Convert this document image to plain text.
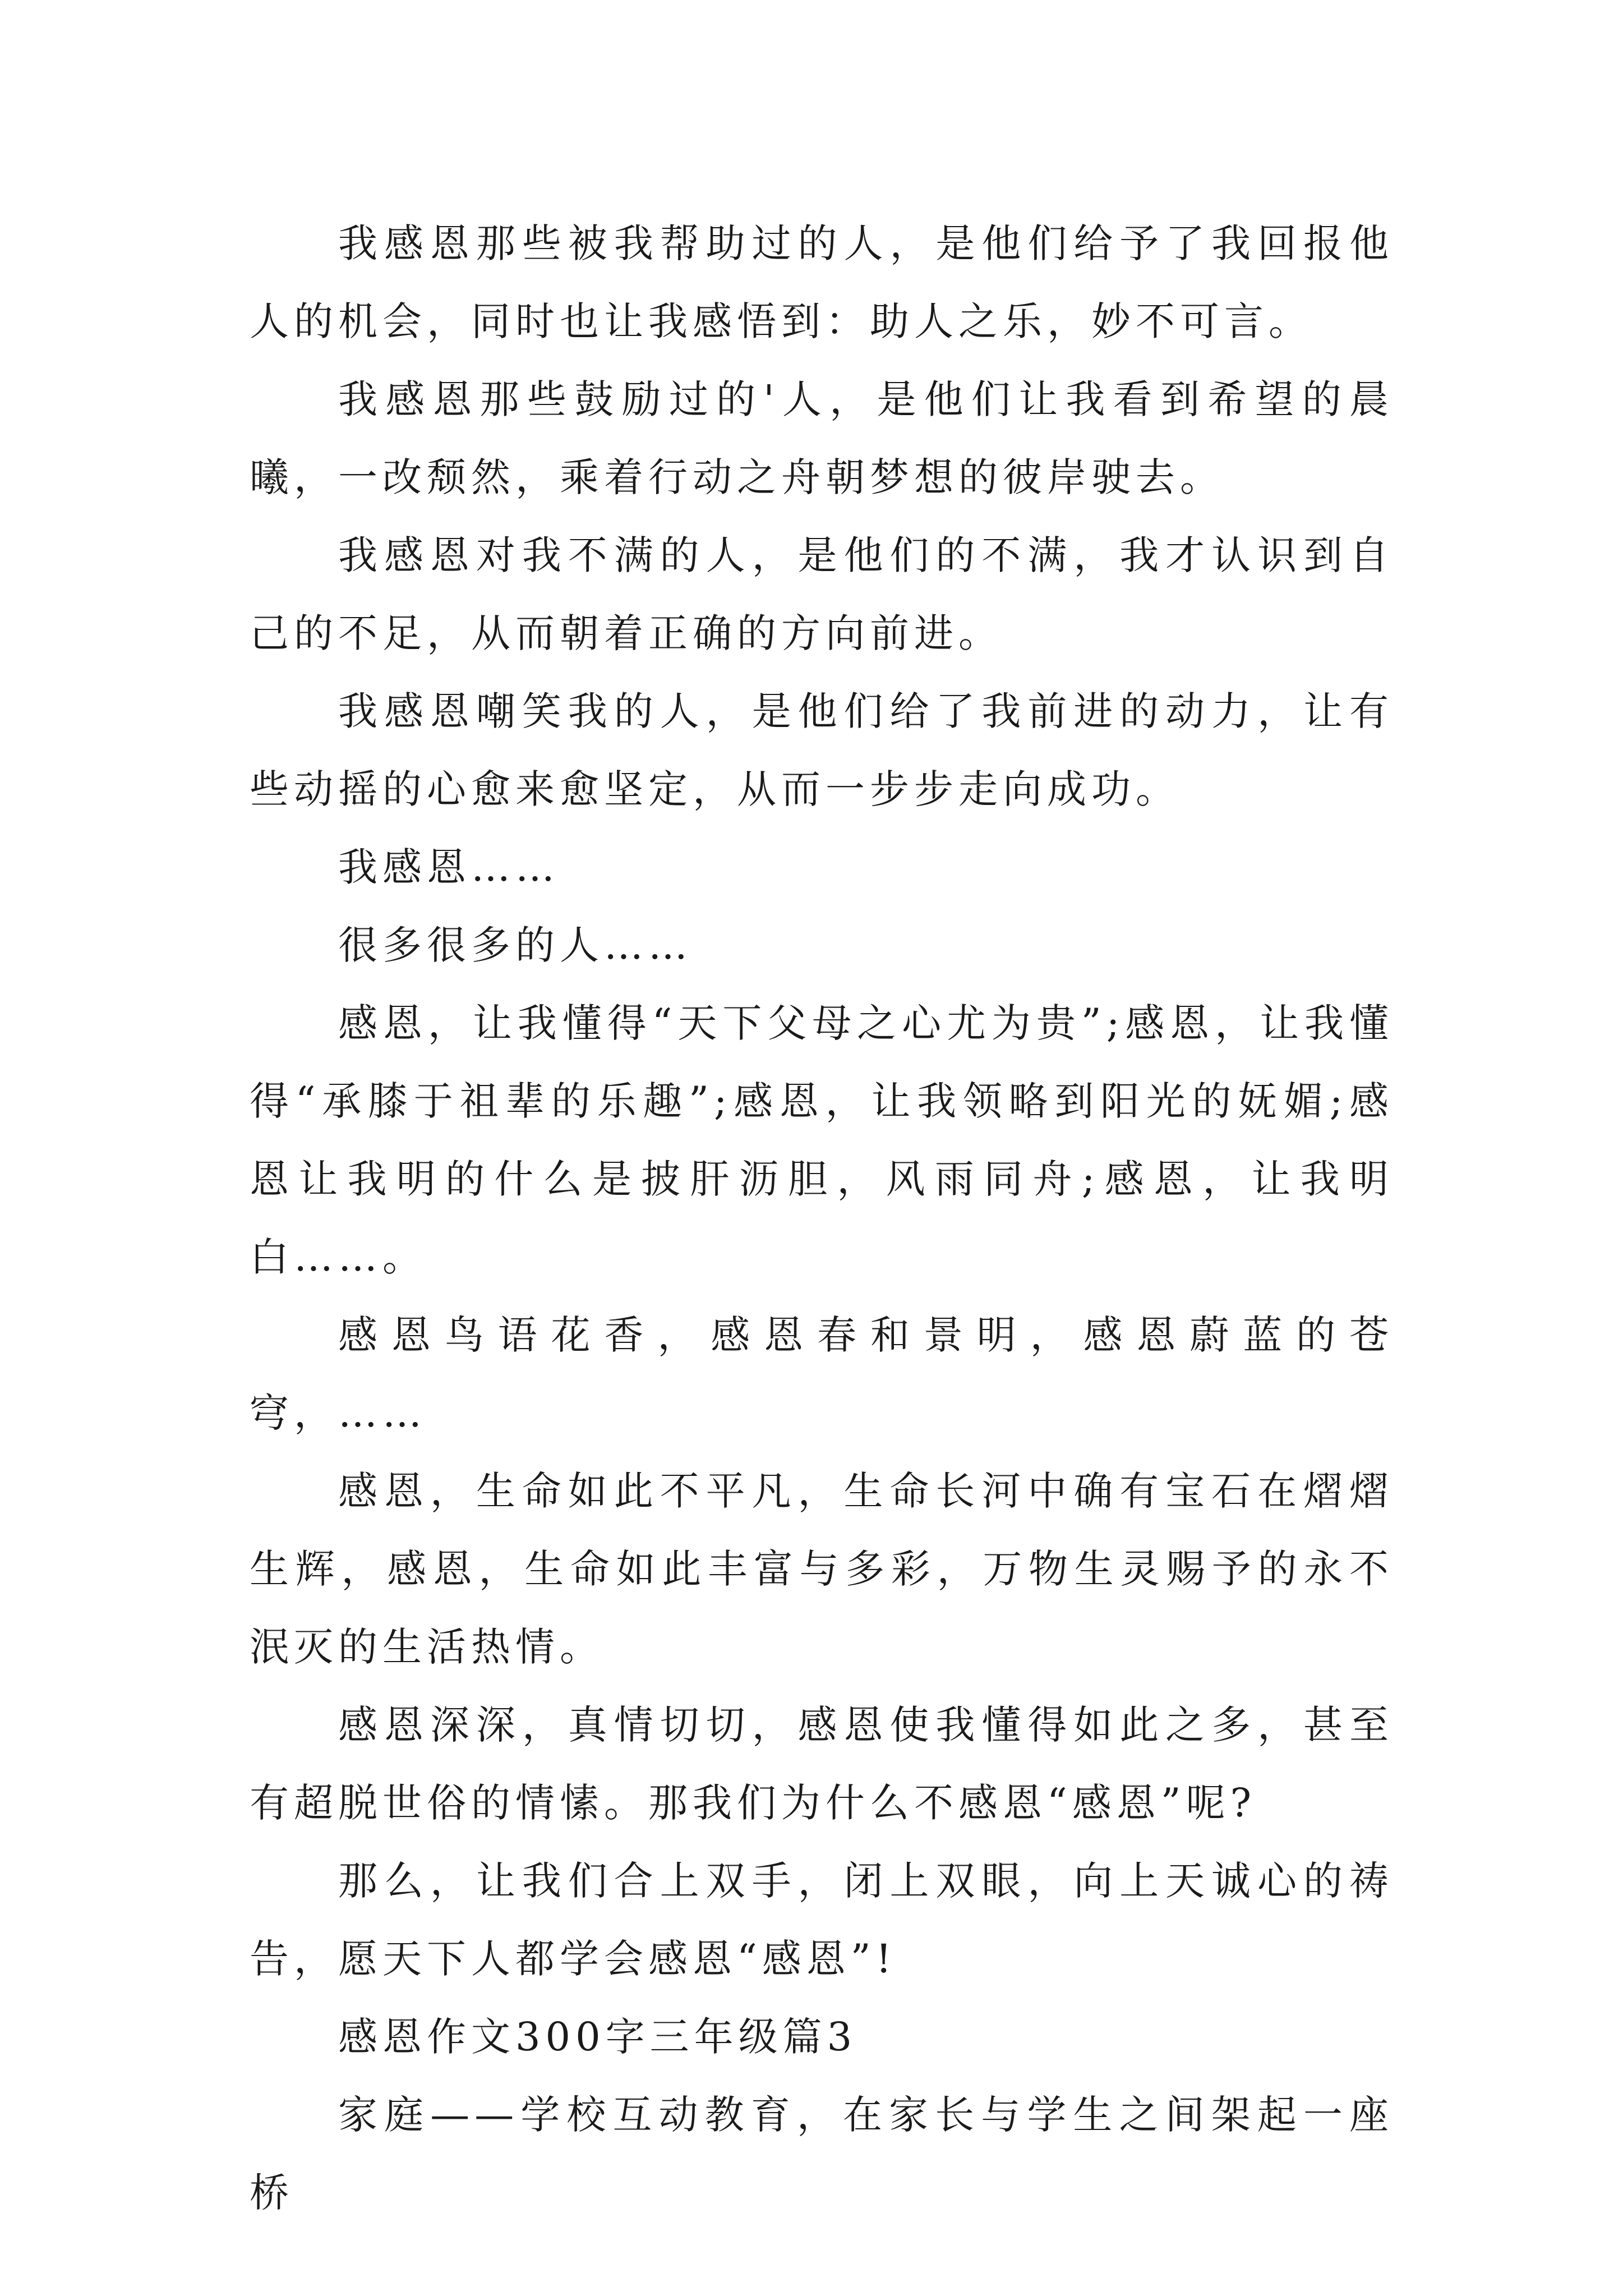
我感恩那些被我帮助过的人，是他们给予了我回报他人的机会，同时也让我感悟到：助人之乐，妙不可言。

我感恩那些鼓励过的'人，是他们让我看到希望的晨曦，一改颓然，乘着行动之舟朝梦想的彼岸驶去。

我感恩对我不满的人，是他们的不满，我才认识到自己的不足，从而朝着正确的方向前进。

我感恩嘲笑我的人，是他们给了我前进的动力，让有些动摇的心愈来愈坚定，从而一步步走向成功。

我感恩……

很多很多的人……

感恩，让我懂得“天下父母之心尤为贵”;感恩，让我懂得“承膝于祖辈的乐趣”;感恩，让我领略到阳光的妩媚;感恩让我明的什么是披肝沥胆，风雨同舟;感恩，让我明白……。

感恩鸟语花香，感恩春和景明，感恩蔚蓝的苍穹，……

感恩，生命如此不平凡，生命长河中确有宝石在熠熠生辉，感恩，生命如此丰富与多彩，万物生灵赐予的永不泯灭的生活热情。

感恩深深，真情切切，感恩使我懂得如此之多，甚至有超脱世俗的情愫。那我们为什么不感恩“感恩”呢?

那么，让我们合上双手，闭上双眼，向上天诚心的祷告，愿天下人都学会感恩“感恩”!

感恩作文300字三年级篇3

家庭——学校互动教育，在家长与学生之间架起一座桥
